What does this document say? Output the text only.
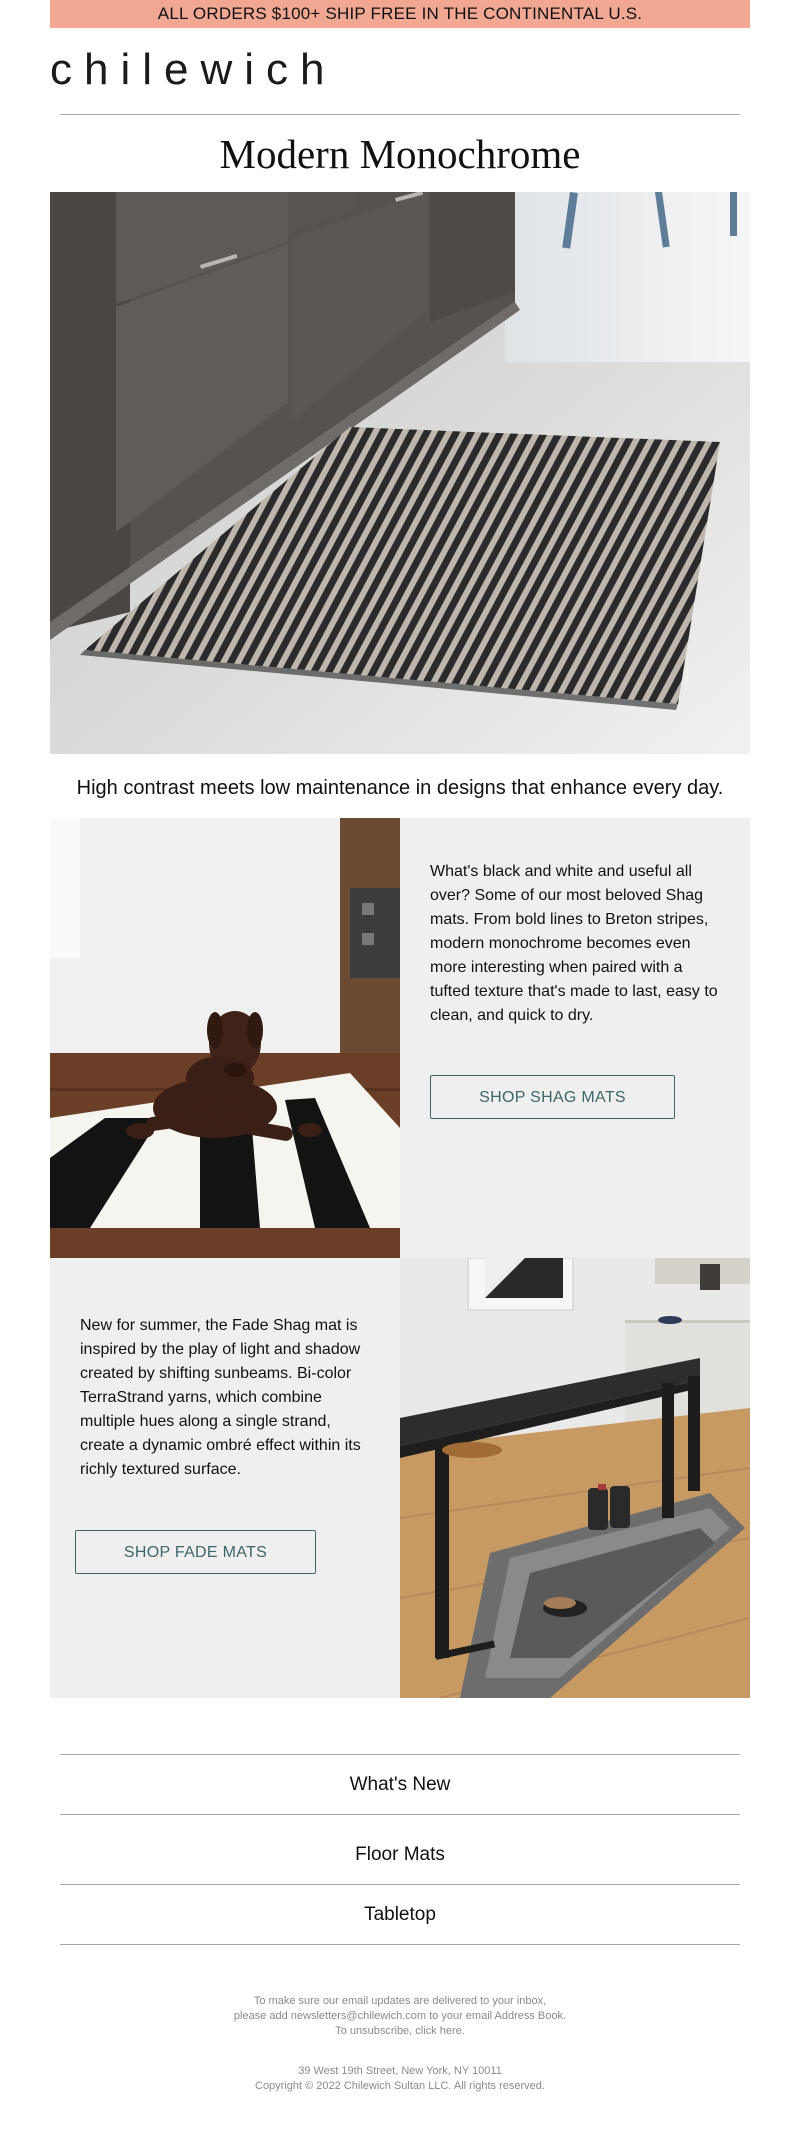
ALL ORDERS $100+ SHIP FREE IN THE CONTINENTAL U.S.
chilewich
Modern Monochrome
High contrast meets low maintenance in designs that enhance every day.

What's black and white and useful all over? Some of our most beloved Shag mats. From bold lines to Breton stripes, modern monochrome becomes even more interesting when paired with a tufted texture that's made to last, easy to clean, and quick to dry.

SHOP SHAG MATS

New for summer, the Fade Shag mat is inspired by the play of light and shadow created by shifting sunbeams. Bi-color TerraStrand yarns, which combine multiple hues along a single strand, create a dynamic ombré effect within its richly textured surface.

SHOP FADE MATS
What's New
Floor Mats
Tabletop
To make sure our email updates are delivered to your inbox,
please add newsletters@chilewich.com to your email Address Book.
To unsubscribe, click here.
39 West 19th Street, New York, NY 10011
Copyright © 2022 Chilewich Sultan LLC. All rights reserved.
